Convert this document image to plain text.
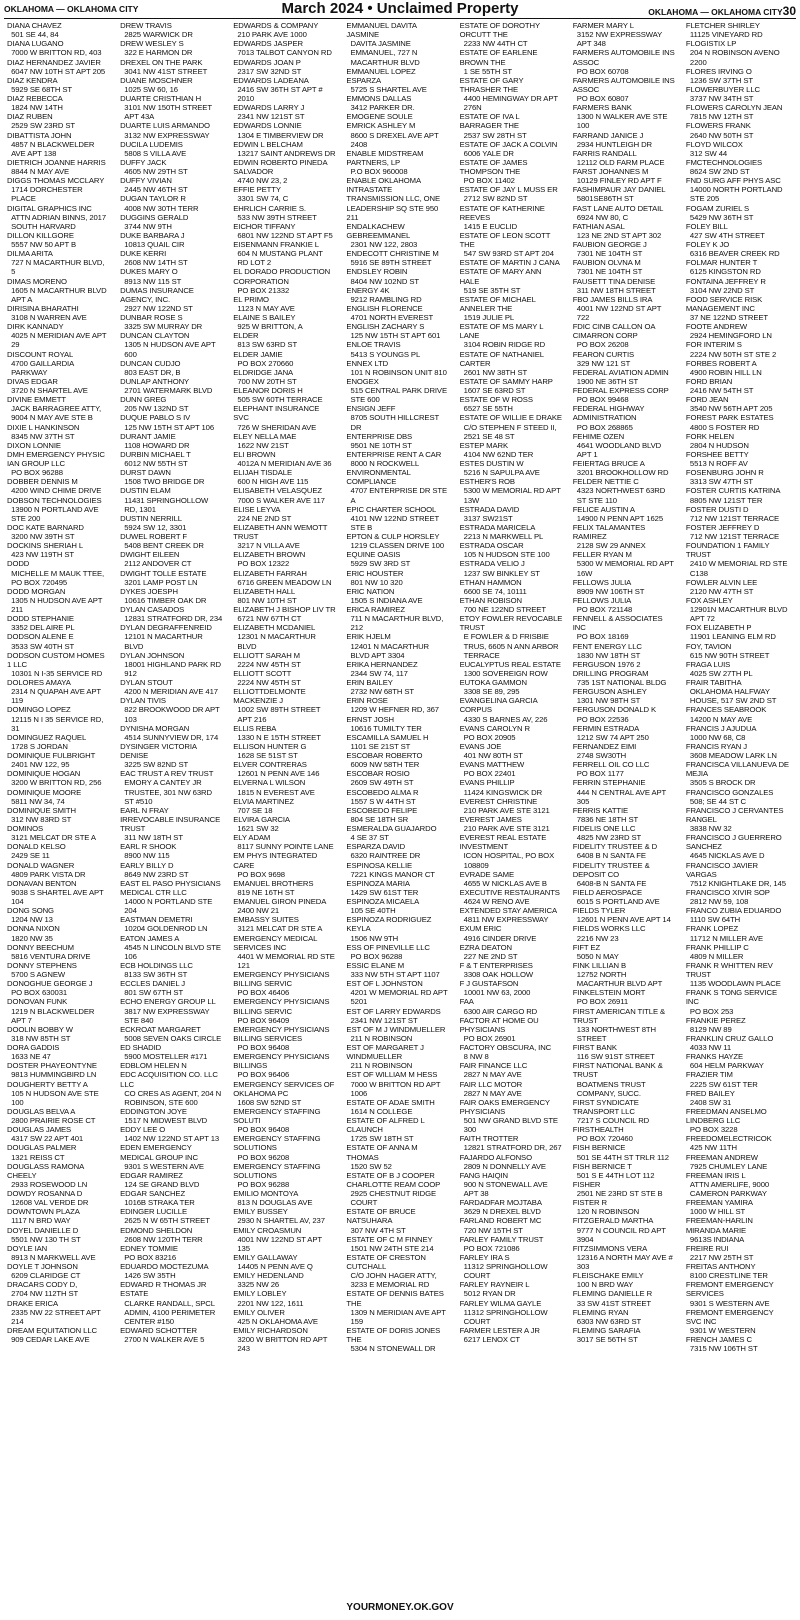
OKLAHOMA — OKLAHOMA CITY	March 2024 • Unclaimed Property	OKLAHOMA — OKLAHOMA CITY30
DIANA CHAVEZ
501 SE 44, 84
DIANA LUGANO
7000 W BRITTON RD, 403
DIAZ HERNANDEZ JAVIER
6047 NW 10TH ST APT 205
DIAZ KENDRA
5929 SE 68TH ST
DIAZ REBECCA
1824 NW 14TH
DIAZ RUBEN
2529 SW 23RD ST
DIBATTISTA JOHN
4857 N BLACKWELDER
AVE APT 138
DIETRICH JOANNE HARRIS
8844 N MAY AVE
DIGGS THOMAS MCCLARY
1714 DORCHESTER
PLACE
DIGITAL GRAPHICS INC
ATTN ADRIAN BINNS, 2017
SOUTH HARVARD
DILLON KILLGORE
5557 NW 50 APT B
DILMA ARITA
727 N MACARTHUR BLVD,
5
DIMAS MORENO
1605 N MACARTHUR BLVD
APT A
DIRISINA BHARATHI
3108 N WARREN AVE
DIRK KANNADY
4025 N MERIDIAN AVE APT
29
DISCOUNT ROYAL
4700 GAILLARDIA
PARKWAY
DIVAS EDGAR
3720 N SHARTEL AVE
DIVINE EMMETT
JACK BARRAGREE ATTY,
9004 N MAY AVE STE B
DIXIE L HANKINSON
8345 NW 37TH ST
DIXON LONNIE
DMH EMERGENCY PHYSIC
IAN GROUP LLC
PO BOX 96288
DOBBER DENNIS M
4200 WIND CHIME DRIVE
DOBSON TECHNOLOGIES
13900 N PORTLAND AVE
STE 200
DOC KATE BARNARD
3200 NW 39TH ST
DOCKINS SHERIAH L
423 NW 119TH ST
DODD
MICHELLE M MAUK TTEE,
PO BOX 720495
DODD MORGAN
1305 N HUDSON AVE APT
211
DODD STEPHANIE
3352 DEL AIRE PL
DODSON ALENE E
3533 SW 40TH ST
DODSON CUSTOM HOMES
1 LLC
10301 N I-35 SERVICE RD
DOLORES AMAYA
2314 N QUAPAH AVE APT
119
DOMINGO LOPEZ
12115 N I 35 SERVICE RD,
31
DOMINGUEZ RAQUEL
1728 S JORDAN
DOMINIQUE FULBRIGHT
2401 NW 122, 95
DOMINIQUE HOGAN
3200 W BRITTON RD, 256
DOMINIQUE MOORE
5811 NW 34, 74
DOMINIQUE SMITH
312 NW 83RD ST
DOMINOS
3121 MELCAT DR STE A
DONALD KELSO
2429 SE 11
DONALD WAGNER
4809 PARK VISTA DR
DONAVAN BENTON
9038 S SHARTEL AVE APT
104
DONG SONG
1204 NW 13
DONNA NIXON
1820 NW 35
DONNY BEECHUM
5816 VENTURA DRIVE
DONNY STEPHENS
5700 S AGNEW
DONOGHUE GEORGE J
PO BOX 630031
DONOVAN FUNK
1219 N BLACKWELDER
APT 7
DOOLIN BOBBY W
318 NW 85TH ST
DORA GADDIS
1633 NE 47
DOSTER PHAYEONTYNE
9813 HUMMINGBIRD LN
DOUGHERTY BETTY A
105 N HUDSON AVE STE
100
DOUGLAS BELVA A
2800 PRAIRIE ROSE CT
DOUGLAS JAMES
4317 SW 22 APT 401
DOUGLAS PALMER
1321 REISS CT
DOUGLASS RAMONA
CHEELY
2933 ROSEWOOD LN
DOWDY ROSANNA D
12608 VAL VERDE DR
DOWNTOWN PLAZA
1117 N BRD WAY
DOYEL DANIELLE D
5501 NW 130 TH ST
DOYLE IAN
8913 N MARKWELL AVE
DOYLE T JOHNSON
6209 CLARIDGE CT
DRACARS CODY D,
2704 NW 112TH ST
DRAKE ERICA
2335 NW 22 STREET APT
214
DREAM EQUITATION LLC
909 CEDAR LAKE AVE
DREW TRAVIS
2825 WARWICK DR
DREW WESLEY S
322 E HARMON DR
DREXEL ON THE PARK
3041 NW 41ST STREET
DUANE MOSCHNER
1025 SW 60, 16
DUARTE CRISTHIAN H
3101 NW 150TH STREET
APT 43A
DUARTE LUIS ARMANDO
3132 NW EXPRESSWAY
DUCILA LUDEMIS
5808 S VILLA AVE
DUFFY JACK
4605 NW 29TH ST
DUFFY VIVIAN
2445 NW 46TH ST
DUGAN TAYLOR R
4008 NW 30TH TERR
DUGGINS GERALD
3744 NW 9TH
DUKE BARBARA J
10813 QUAIL CIR
DUKE KERRI
2608 NW 14TH ST
DUKES MARY O
8913 NW 115 ST
DUMAS INSURANCE
AGENCY, INC.
2927 NW 122ND ST
DUNBAR ROSE S
3325 SW MURRAY DR
DUNCAN CLAYTON
1305 N HUDSON AVE APT
600
DUNCAN CUDJO
803 EAST DR, B
DUNLAP ANTHONY
2701 WATERMARK BLVD
DUNN GREG
205 NW 132ND ST
DUQUE PABLO S IV
125 NW 15TH ST APT 106
DURANT JAMIE
1108 HOWARD DR
DURBIN MICHAEL T
6012 NW 55TH ST
DURST DAWN
1508 TWO BRIDGE DR
DUSTIN ELAM
11431 SPRINGHOLLOW
RD, 1301
DUSTIN NERRILL
5924 SW 12, 3301
DUWEL ROBERT F
5408 BENT CREEK DR
DWIGHT EILEEN
2112 ANDOVER CT
DWIGHT TOLLE ESTATE
3201 LAMP POST LN
DYKES JOESPH
10616 TIMBER OAK DR
DYLAN CASADOS
12831 STRATFORD DR, 234
DYLAN DEGRAFFENREID
12101 N MACARTHUR
BLVD
DYLAN JOHNSON
18001 HIGHLAND PARK RD
912
DYLAN STOUT
4200 N MERIDIAN AVE 417
DYLAN TIVIS
822 BROOKWOOD DR APT
103
DYNISHA MORGAN
4514 SUNNYVIEW DR, 174
DYSINGER VICTORIA
DENISE
3225 SW 82ND ST
EAC TRUST A REV TRUST
EMORY A CANTEY JR
TRUSTEE, 301 NW 63RD
ST #510
EARL N FRAY
IRREVOCABLE INSURANCE
TRUST
311 NW 18TH ST
EARL R SHOOK
8900 NW 115
EARLY BILLY D
8649 NW 23RD ST
EAST EL PASO PHYSICIANS
MEDICAL CTR LLC
14000 N PORTLAND STE
204
EASTMAN DEMETRI
10204 GOLDENROD LN
EATON JAMES A
4545 N LINCOLN BLVD STE
106
ECB HOLDINGS LLC
8133 SW 36TH ST
ECCLES DANIEL J
801 SW 67TH ST
ECHO ENERGY GROUP LL
3817 NW EXPRESSWAY
STE 840
ECKROAT MARGARET
5008 SEVEN OAKS CIRCLE
ED SHADID
5900 MOSTELLER #171
EDBLOM HELEN N
EDC ACQUISITION CO. LLC
LLC
CO CRES AS AGENT, 204 N
ROBINSON, STE 600
EDDINGTON JOYE
1517 N MIDWEST BLVD
EDDY LEE O
1402 NW 122ND ST APT 13
EDEN EMERGENCY
MEDICAL GROUP INC
9301 S WESTERN AVE
EDGAR RAMIREZ
124 SE GRAND BLVD
EDGAR SANCHEZ
1016B STRAKA TER
EDINGER LUCILLE
2625 N W 65TH STREET
EDMOND SHELDON
2608 NW 120TH TERR
EDNEY TOMMIE
PO BOX 83216
EDUARDO MOCTEZUMA
1426 SW 35TH
EDWARD R THOMAS JR
ESTATE
CLARKE RANDALL, SPCL
ADMIN, 4100 PERIMETER
CENTER #150
EDWARD SCHOTTER
2700 N WALKER AVE 5
EDWARDS & COMPANY
210 PARK AVE 1000
EDWARDS JASPER
7013 TALBOT CANYON RD
EDWARDS JOAN P
2317 SW 32ND ST
EDWARDS LADEANA
2416 SW 36TH ST APT #
2010
EDWARDS LARRY J
2341 NW 121ST ST
EDWARDS LONNIE
1304 E TIMBERVIEW DR
EDWIN L BELCHAM
13217 SAINT ANDREWS DR
EDWIN ROBERTO PINEDA
SALVADOR
4740 NW 23, 2
EFFIE PETTY
3301 SW 74, C
EHRLICH CARRIE S.
533 NW 39TH STREET
EICHOR TIFFANY
6801 NW 122ND ST APT F5
EISENMANN FRANKIE L
604 N MUSTANG PLANT
RD LOT 2
EL DORADO PRODUCTION
CORPORATION
PO BOX 21332
EL PRIMO
1123 N MAY AVE
ELAINE S BAILEY
925 W BRITTON, A
ELDER
813 SW 63RD ST
ELDER JAMIE
PO BOX 270660
ELDRIDGE JANA
700 NW 20TH ST
ELEANOR DORIS H
505 SW 60TH TERRACE
ELEPHANT INSURANCE
SVC
726 W SHERIDAN AVE
ELEY NELLA MAE
1622 NW 21ST
ELI BROWN
4012A N MERIDIAN AVE 36
ELIJAH TISDALE
600 N HIGH AVE 115
ELISABETH VELASQUEZ
7000 S WALKER AVE 117
ELISE LEYVA
224 NE 2ND ST
ELIZABETH ANN WEMOTT
TRUST
3217 N VILLA AVE
ELIZABETH BROWN
PO BOX 12322
ELIZABETH FARRAH
6716 GREEN MEADOW LN
ELIZABETH HALL
801 NW 10TH ST
ELIZABETH J BISHOP LIV TR
6721 NW 67TH CT
ELIZABETH MCDANIEL
12301 N MACARTHUR
BLVD
ELLIOTT SARAH M
2224 NW 45TH ST
ELLIOTT SCOTT
2224 NW 45TH ST
ELLIOTTDELMONTE
MACKENZIE J
1002 SW 89TH STREET
APT 216
ELLIS REBA
1330 N E 15TH STREET
ELLISON HUNTER G
1628 SE 51ST ST
ELVER CONTRERAS
12601 N PENN AVE 146
ELVERNA L WILSON
1815 N EVEREST AVE
ELVIA MARTINEZ
707 SE 18
ELVIRA GARCIA
1621 SW 32
ELY ADAM
8117 SUNNY POINTE LANE
EM PHYS INTEGRATED
CARE
PO BOX 9698
EMANUEL BROTHERS
819 NE 16TH ST
EMANUEL GIRON PINEDA
2400 NW 21
EMBASSY SUITES
3121 MELCAT DR STE A
EMERGENCY MEDICAL
SERVICES INC
4401 W MEMORIAL RD STE
121
EMERGENCY PHYSICIANS
BILLING SERVIC
PO BOX 46406
EMERGENCY PHYSICIANS
BILLING SERVIC
PO BOX 96409
EMERGENCY PHYSICIANS
BILLING SERVICES
PO BOX 96408
EMERGENCY PHYSICIANS
BILLINGS
PO BOX 96406
EMERGENCY SERVICES OF
OKLAHOMA PC
1608 SW 52ND ST
EMERGENCY STAFFING
SOLUTI
PO BOX 96408
EMERGENCY STAFFING
SOLUTIONS
PO BOX 96208
EMERGENCY STAFFING
SOLUTIONS
PO BOX 96288
EMILIO MONTOYA
813 N DOUGLAS AVE
EMILY BUSSEY
2930 N SHARTEL AV, 237
EMILY CROASMUN
4001 NW 122ND ST APT
135
EMILY GALLAWAY
14405 N PENN AVE Q
EMILY HEDENLAND
3325 NW 26
EMILY LOBLEY
2201 NW 122, 1611
EMILY OLIVER
425 N OKLAHOMA AVE
EMILY RICHARDSON
3200 W BRITTON RD APT
243
EMMANUEL DAVITA
JASMINE
DAVITA JASMINE
EMMANUEL, 727 N
MACARTHUR BLVD
EMMANUEL LOPEZ
ESPARZA
5725 S SHARTEL AVE
EMMONS DALLAS
3412 PARKER DR.
EMOGENE SOULE
EMRICK ASHLEY M
8600 S DREXEL AVE APT
2408
ENABLE MIDSTREAM
PARTNERS, LP
P.O BOX 960008
ENABLE OKLAHOMA
INTRASTATE
TRANSMISSION LLC, ONE
LEADERSHIP SQ STE 950
211
ENDALKACHEW
GEBREEMMANEL
2301 NW 122, 2803
ENDECOTT CHRISTINE M
5916 SE 89TH STREET
ENDSLEY ROBIN
8404 NW 102ND ST
ENERGY 4K
9212 RAMBLING RD
ENGLISH FLORENCE
4701 NORTH EVEREST
ENGLISH ZACHARY S
125 NW 15TH ST APT 601
ENLOE TRAVIS
5413 S YOUNGS PL
ENNEX LTD
101 N ROBINSON UNIT 810
ENOGEX
515 CENTRAL PARK DRIVE
STE 600
ENSIGN JEFF
8705 SOUTH HILLCREST
DR
ENTERPRISE DBS
9501 NE 10TH ST
ENTERPRISE RENT A CAR
8000 N ROCKWELL
ENVIRONMENTAL
COMPLIANCE
4707 ENTERPRISE DR STE
A
EPIC CHARTER SCHOOL
4101 NW 122ND STREET
STE B
EPTON & CULP HORSLEY
1219 CLASSEN DRIVE 100
EQUINE OASIS
5929 SW 3RD ST
ERIC HOUSTER
801 NW 10 320
ERIC NATION
1505 S INDIANA AVE
ERICA RAMIREZ
711 N MACARTHUR BLVD,
212
ERIK HJELM
12401 N MACARTHUR
BLVD APT 3304
ERIKA HERNANDEZ
2344 SW 74, 117
ERIN BAILEY
2732 NW 68TH ST
ERIN ROSE
1209 W HEFNER RD, 367
ERNST JOSH
10616 TUMILTY TER
ESCAMILLA SAMUEL H
1101 SE 21ST ST
ESCOBAR ROBERTO
6009 NW 58TH TER
ESCOBAR ROSIO
2609 SW 49TH ST
ESCOBEDO ALMA R
1557 S W 44TH ST
ESCOBEDO FELIPE
804 SE 18TH SR
ESMERALDA GUAJARDO
4 SE 37 ST
ESPARZA DAVID
6320 RAINTREE DR
ESPINOSA KELLIE
7221 KINGS MANOR CT
ESPINOZA MARIA
1429 SW 61ST TER
ESPINOZA MICAELA
105 SE 40TH
ESPINOZA RODRIGUEZ
KEYLA
1506 NW 9TH
ESS OF PINEVILLE LLC
PO BOX 96288
ESSIC ELANE M
333 NW 5TH ST APT 1107
EST OF L JOHNSTON
4201 W MEMORIAL RD APT
5201
EST OF LARRY EDWARDS
2341 NW 121ST ST
EST OF M J WINDMUELLER
211 N ROBINSON
EST OF MARGARET J
WINDMUELLER
211 N ROBINSON
EST OF WILLIAM M HESS
7000 W BRITTON RD APT
1006
ESTATE OF ADAE SMITH
1614 N COLLEGE
ESTATE OF ALFRED L
CLAUNCH
1725 SW 18TH ST
ESTATE OF ANNA M
THOMAS
1520 SW 52
ESTATE OF B J COOPER
CHARLOTTE REAM COOP
2925 CHESTNUT RIDGE
COURT
ESTATE OF BRUCE
NATSUHARA
307 NW 4TH ST
ESTATE OF C M FINNEY
1501 NW 24TH STE 214
ESTATE OF CRESTON
CUTCHALL
C/O JOHN HAGER ATTY,
3233 E MEMORIAL RD
ESTATE OF DENNIS BATES
THE
1309 N MERIDIAN AVE APT
159
ESTATE OF DORIS JONES
THE
5304 N STONEWALL DR
ESTATE OF DOROTHY
ORCUTT THE
2233 NW 44TH CT
ESTATE OF EARLENE
BROWN THE
1 SE 55TH ST
ESTATE OF GARY
THRASHER THE
4400 HEMINGWAY DR APT
276N
ESTATE OF IVA L
BARRAGER THE
2537 SW 28TH ST
ESTATE OF JACK A COLVIN
6006 YALE DR
ESTATE OF JAMES
THOMPSON THE
PO BOX 11402
ESTATE OF JAY L MUSS ER
2712 SW 82ND ST
ESTATE OF KATHERINE
REEVES
1415 E EUCLID
ESTATE OF LEON SCOTT
THE
547 SW 93RD ST APT 204
ESTATE OF MARTIN J CANA
ESTATE OF MARY ANN
HALE
519 SE 35TH ST
ESTATE OF MICHAEL
ANNELER THE
1519 JULIE PL
ESTATE OF MS MARY L
LANE
3104 ROBIN RIDGE RD
ESTATE OF NATHANIEL
CARTER
2601 NW 38TH ST
ESTATE OF SAMMY HARP
1607 SE 63RD ST
ESTATE OF W ROSS
6527 SE 55TH
ESTATE OF WILLIE E DRAKE
C/O STEPHEN F STEED II,
2521 SE 48 ST
ESTEP MARK
4104 NW 62ND TER
ESTES DUSTIN W
5216 N SAPULPA AVE
ESTHER'S ROB
5300 W MEMORIAL RD APT
13W
ESTRADA DAVID
3137 SW21ST
ESTRADA MARICELA
2213 N MARKWELL PL
ESTRADA OSCAR
105 N HUDSON STE 100
ESTRADA VELIO J
1237 SW BINKLEY ST
ETHAN HAMMON
6600 SE 74, 10111
ETHAN ROBISON
700 NE 122ND STREET
ETOY FOWLER REVOCABLE
TRUST
E FOWLER & D FRISBIE
TRUS, 6605 N ANN ARBOR
TERRACE
EUCALYPTUS REAL ESTATE
1300 SOVEREIGN ROW
EUTOKA GAMMON
3308 SE 89, 295
EVANGELINA GARCIA
CORPUS
4330 S BARNES AV, 226
EVANS CAROLYN R
PO BOX 20905
EVANS JOE
401 NW 80TH ST
EVANS MATTHEW
PO BOX 22401
EVANS PHILLIP
11424 KINGSWICK DR
EVEREST CHRISTINE
210 PARK AVE STE 3121
EVEREST JAMES
210 PARK AVE STE 3121
EVEREST REAL ESTATE
INVESTMENT
ICON HOSPITAL, PO BOX
108809
EVRADE SAME
4655 W NICKLAS AVE B
EXECUTIVE RESTAURANTS
4624 W RENO AVE
EXTENDED STAY AMERICA
4811 NW EXPRESSWAY
EXUM ERIC
4916 CINDER DRIVE
EZRA DEATON
227 NE 2ND ST
F & T ENTERPRISES
3308 OAK HOLLOW
F J GUSTAFSON
10001 NW 63, 2000
FAA
6300 AIR CARGO RD
FACTOR AT HOME OU
PHYSICIANS
PO BOX 26901
FACTORY OBSCURA, INC
8 NW 8
FAIR FINANCE LLC
2827 N MAY AVE
FAIR LLC MOTOR
2827 N MAY AVE
FAIR OAKS EMERGENCY
PHYSICIANS
501 NW GRAND BLVD STE
300
FAITH TROTTER
12821 STRATFORD DR, 267
FAJARDO ALFONSO
2809 N DONNELLY AVE
FANG HAIQIN
900 N STONEWALL AVE
APT 38
FARDADFAR MOJTABA
3629 N DREXEL BLVD
FARLAND ROBERT MC
720 NW 15TH ST
FARLEY FAMILY TRUST
PO BOX 721086
FARLEY IRA S
11312 SPRINGHOLLOW
COURT
FARLEY RAYNEIR L
5012 RYAN DR
FARLEY WILMA GAYLE
11312 SPRINGHOLLOW
COURT
FARMER LESTER A JR
6217 LENOX CT
FARMER MARY L
3152 NW EXPRESSWAY
APT 348
FARMERS AUTOMOBILE INS
ASSOC
PO BOX 60708
FARMERS AUTOMOBILE INS
ASSOC
PO BOX 60807
FARMERS BANK
1300 N WALKER AVE STE
100
FARRAND JANICE J
2934 HUNTLEIGH DR
FARRIS RANDALL
12112 OLD FARM PLACE
FARST JOHANNES M
10129 FINLEY RD APT F
FASHIMPAUR JAY DANIEL
5801SE86TH ST
FAST LANE AUTO DETAIL
6924 NW 80, C
FATHIAN ASAL
123 NE 2ND ST APT 302
FAUBION GEORGE J
7301 NE 104TH ST
FAUBION OLVNA M
7301 NE 104TH ST
FAUSETT TINA DENISE
311 NW 18TH STREET
FBO JAMES BILLS IRA
4001 NW 122ND ST APT
722
FDIC CINB CALLON OA
CIMARRON CORP
PO BOX 26208
FEARON CURTIS
329 NW 121 ST
FEDERAL AVIATION ADMIN
1900 NE 36TH ST
FEDERAL EXPRESS CORP
PO BOX 99468
FEDERAL HIGHWAY
ADMINISTRATION
PO BOX 268865
FEHIME OZEN
4641 WOODLAND BLVD
APT 1
FEIERTAG BRUCE A
3201 BROOKHOLLOW RD
FELDER NETTIE C
4323 NORTHWEST 63RD
ST STE 110
FELICE AUSTIN A
14900 N PENN APT 1625
FELIX TALAMANTES
RAMIREZ
2128 SW 29 ANNEX
FELLER RYAN M
5300 W MEMORIAL RD APT
16W
FELLOWS JULIA
8909 NW 106TH ST
FELLOWS JULIA
PO BOX 721148
FENNELL & ASSOCIATES
INC
PO BOX 18169
FENT ENERGY LLC
1830 NW 18TH ST
FERGUSON 1976 2
DRILLING PROGRAM
735 1ST NATIONAL BLDG
FERGUSON ASHLEY
1301 NW 98TH ST
FERGUSON DONALD K
PO BOX 22536
FERMIN ESTRADA
1212 SW 74 APT 250
FERNANDEZ EIMI
2748 SW30TH
FERRELL OIL CO LLC
PO BOX 1177
FERRIN STEPHANIE
444 N CENTRAL AVE APT
305
FERRIS KATTIE
7836 NE 18TH ST
FIDELIS ONE LLC
4825 NW 23RD ST
FIDELITY TRUSTEE & D
6408 B N SANTA FE
FIDELITY TRUSTEE &
DEPOSIT CO
6408-B N SANTA FE
FIELD AEROSPACE
6015 S PORTLAND AVE
FIELDS TYLER
12601 N PENN AVE APT 14
FIELDS WORKS LLC
2216 NW 23
FIFT EZ
5050 N MAY
FINK LILLIAN B
12752 NORTH
MACARTHUR BLVD APT
FINKELSTEIN MORT
PO BOX 26911
FIRST AMERICAN TITLE &
TRUST
133 NORTHWEST 8TH
STREET
FIRST BANK
116 SW 91ST STREET
FIRST NATIONAL BANK &
TRUST
BOATMENS TRUST
COMPANY, SUCC.
FIRST SYNDICATE
TRANSPORT LLC
7217 S COUNCIL RD
FIRSTHEALTH
PO BOX 720460
FISH BERNICE
501 SE 44TH ST TRLR 112
FISH BERNICE T
501 S E 44TH LOT 112
FISHER
2501 NE 23RD ST STE B
FISTER R
120 N ROBINSON
FITZGERALD MARTHA
9777 N COUNCIL RD APT
3904
FITZSIMMONS VERA
12316 A NORTH MAY AVE #
303
FLEISCHAKE EMILY
100 N BRD WAY
FLEMING DANIELLE R
33 SW 41ST STREET
FLEMING RYAN
6303 NW 63RD ST
FLEMING SARAFIA
3017 SE 56TH ST
FLETCHER SHIRLEY
11125 VINEYARD RD
FLOGISTIX LP
204 N ROBINSON AVENO
2200
FLORES IRVING O
1236 SW 37TH ST
FLOWERBUYER LLC
3737 NW 34TH ST
FLOWERS CAROLYN JEAN
7815 NW 12TH ST
FLOWERS FRANK
2640 NW 50TH ST
FLOYD WILCOX
312 SW 44
FMCTECHNOLOGIES
8624 SW 2ND ST
FND SURG AFF PHYS ASC
14000 NORTH PORTLAND
STE 205
FOGAM ZURIEL S
5429 NW 36TH ST
FOLEY BILL
427 SW 4TH STREET
FOLEY K JO
6316 BEAVER CREEK RD
FOLMAR HUNTER T
6125 KINGSTON RD
FONTAINA JEFFREY R
3104 NW 22ND ST
FOOD SERVICE RISK
MANAGEMENT INC
37 NE 122ND STREET
FOOTE ANDREW
2924 HEMINGFORD LN
FOR INTERIM S
2224 NW 50TH ST STE 2
FORBES ROBERT A
4900 ROBIN HILL LN
FORD BRIAN
2416 NW 54TH ST
FORD JEAN
3540 NW 56TH APT 205
FOREST PARK ESTATES
4800 S FOSTER RD
FORK HELEN
2804 N HUDSON
FORSHEE BETTY
5513 N ROFF AV
FOSENBURG JOHN R
3313 SW 47TH ST
FOSTER CURTIS KATRINA
8805 NW 121ST TER
FOSTER DUSTI D
712 NW 121ST TERRACE
FOSTER JEFFREY D
712 NW 121ST TERRACE
FOUNDATION 1 FAMILY
TRUST
2410 W MEMORIAL RD STE
C138
FOWLER ALVIN LEE
2120 NW 47TH ST
FOX ASHLEY
12901N MACARTHUR BLVD
APT 72
FOX ELIZABETH P
11901 LEANING ELM RD
FOY, TAVION
615 NW 90TH STREET
FRAGA LUIS
4025 SW 27TH PL
FRAIR TABITHA
OKLAHOMA HALFWAY
HOUSE, 517 SW 2ND ST
FRANCES SEABROOK
14200 N MAY AVE
FRANCIS J AJUDUA
1000 NW 68, C8
FRANCIS RYAN J
3608 MEADOW LARK LN
FRANCISCA VILLANUEVA DE
MEJIA
3505 S BROCK DR
FRANCISCO GONZALES
508; SE 44 ST C
FRANCISCO J CERVANTES
RANGEL
3838 NW 32
FRANCISCO J GUERRERO
SANCHEZ
4645 NICKLAS AVE D
FRANCISCO JAVIER
VARGAS
7512 KNIGHTLAKE DR, 145
FRANCISCO XIVIR SOP
2812 NW 59, 108
FRANCO ZUBIA EDUARDO
1110 SW 64TH
FRANK LOPEZ
11712 N MILLER AVE
FRANK PHILLIP C
4809 N MILLER
FRANK R WHITTEN REV
TRUST
1135 WOODLAWN PLACE
FRANK S TONG SERVICE
INC
PO BOX 253
FRANKIE PEREZ
8129 NW 89
FRANKLIN CRUZ GALLO
4033 NW 11
FRANKS HAYZE
604 HELM PARKWAY
FRAZIER TIM
2225 SW 61ST TER
FRED BAILEY
2408 SW 31
FREEDMAN ANSELMO
LINDBERG LLC
PO BOX 3228
FREEDOMELECTRICOK
425 NW 11TH
FREEMAN ANDREW
7925 CHUMLEY LANE
FREEMAN IRIS L
ATTN AMERLIFE, 9000
CAMERON PARKWAY
FREEMAN YAMIRA
1000 W HILL ST
FREEMAN-HARLIN
MIRANDA MARIE
9613S INDIANA
FREIRE RUI
2217 NW 25TH ST
FREITAS ANTHONY
8100 CRESTLINE TER
FREMONT EMERGENCY
SERVICES
9301 S WESTERN AVE
FREMONT EMERGENCY
SVC INC
9301 W WESTERN
FRENCH JAMES C
7315 NW 106TH ST
YOURMONEY.OK.GOV
